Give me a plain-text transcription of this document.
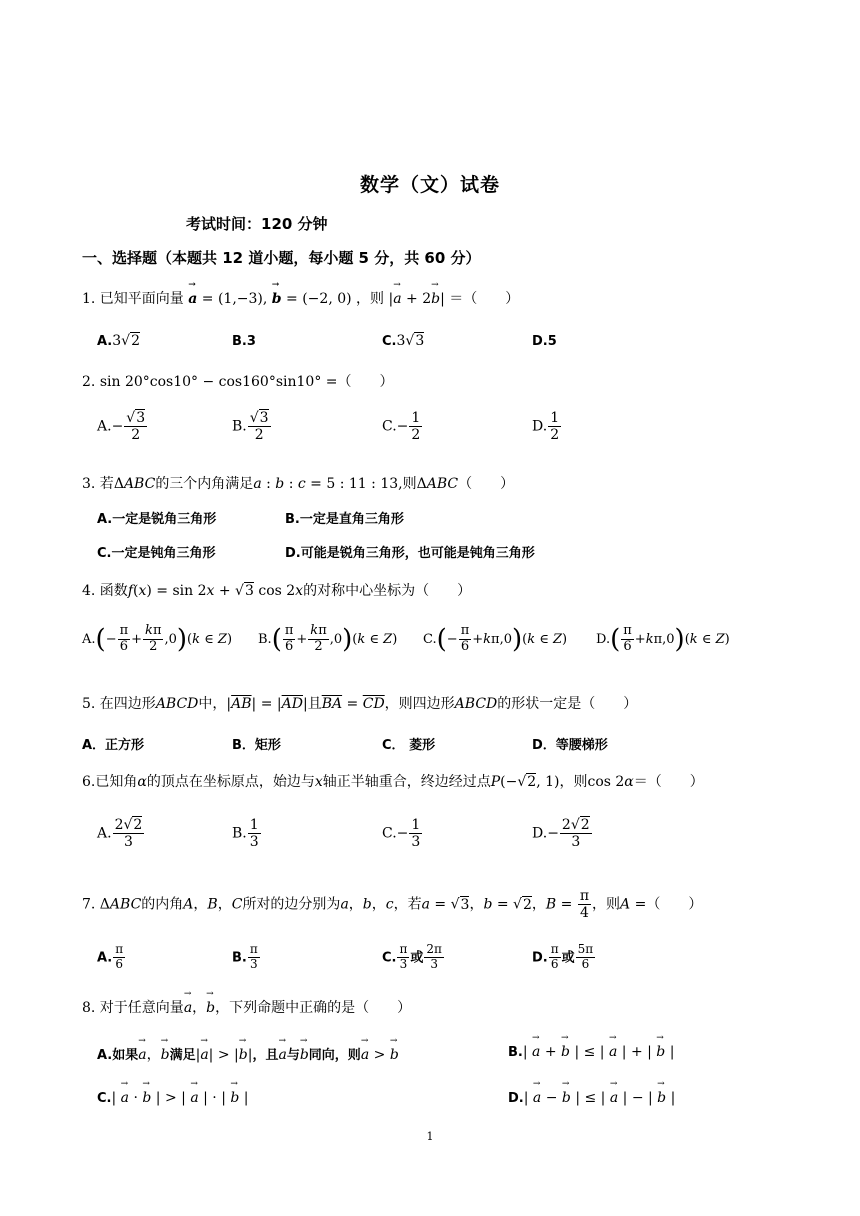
数学（文）试卷
考试时间：120 分钟
一、选择题（本题共 12 道小题，每小题 5 分，共 60 分）
1. 已知平面向量 → a = (1,−3), → b = (−2, 0) ，则 |→ a + 2→ b| ＝（　　）
A.3√2	B.3	C.3√3	D.5
2. sin 20°cos10° − cos160°sin10° =（　　）
$A.- \frac{√3}{2}$	B. $\frac{√3}{2}$	$C.- \frac{1}{2}$	D. $\frac{1}{2}$
3. 若ΔABC的三个内角满足a : b : c = 5 : 11 : 13,则ΔABC（　　）
A.一定是锐角三角形	B.一定是直角三角形
C.一定是钝角三角形	D.可能是锐角三角形，也可能是钝角三角形
4. 函数f(x) = sin 2x + √3 cos 2x的对称中心坐标为（　　）
$A.(- \frac{\pi}{6} + \frac{k\pi}{2} ,0)(k$ ∈ Z) $B.( \frac{\pi}{6} + \frac{k\pi}{2} ,0)(k$ ∈ Z) $C.(- \frac{\pi}{6} +k\pi,0)(k$ ∈ Z) $D.( \frac{\pi}{6} +k\pi,0)(k$ ∈ Z)
5. 在四边形ABCD中，$|\overline{AB}| = |\overline{AD}|$且$\overline{BA} = \overline{CD}$，则四边形ABCD的形状一定是（　　）
A．正方形	B．矩形	C． 菱形	D．等腰梯形
6.已知角α的顶点在坐标原点，始边与x轴正半轴重合，终边经过点P(−√2, 1)，则cos 2α＝（　　）
A. $\frac{2√2}{3}$	B. $\frac{1}{3}$	$C.- \frac{1}{3}$	$D.- \frac{2√2}{3}$
7. ΔABC的内角A，B，C所对的边分别为a，b，c，若a = √3，b = √2，$B = \frac{\pi}{4}$ ，则A =（　　）
A. $\frac{\pi}{6}$	B. $\frac{\pi}{3}$	C. $\frac{\pi}{3}$ 或 $\frac{2\pi}{3}$	D. $\frac{\pi}{6}$ 或 $\frac{5\pi}{6}$
8. 对于任意向量→ a，→ b，下列命题中正确的是（　　）
A.如果→ a，→ b满足|→ a| > |→ b|，且→ a与→ b同向，则→ a > → b	B.| → a + → b | ≤ | → a | + | → b |
C.| → a · → b | > | → a | · | → b |	D.| → a − → b | ≤ | → a | − | → b |
1
